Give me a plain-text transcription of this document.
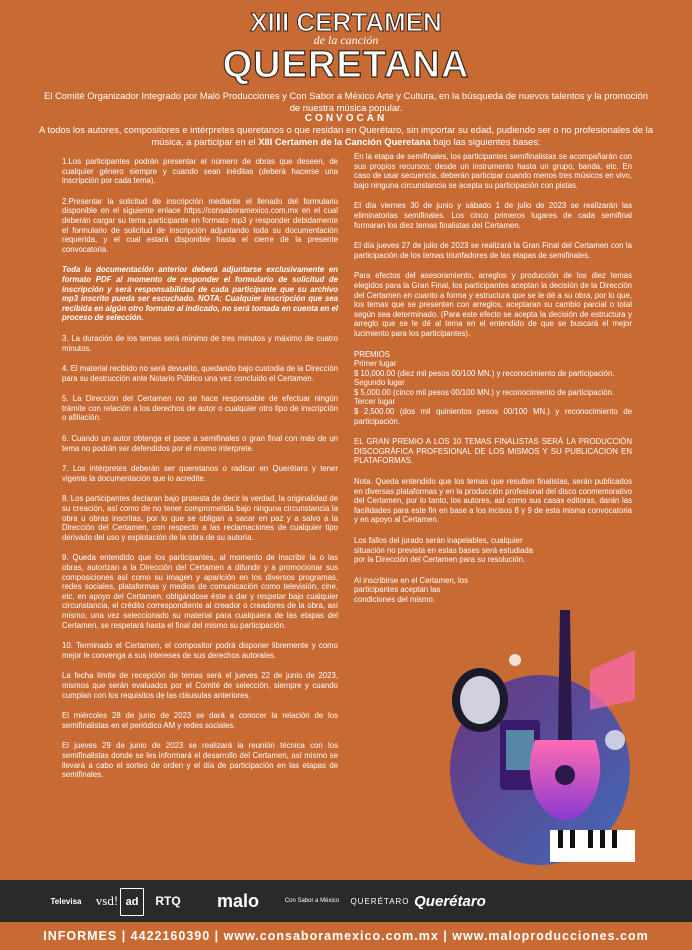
XIII CERTAMEN
de la canción
QUERETANA
El Comité Organizador Integrado por Maló Producciones y Con Sabor a México Arte y Cultura, en la búsqueda de nuevos talentos y la promoción de nuestra música popular.
CONVOCAN
A todos los autores, compositores e intérpretes queretanos o que residan en Querétaro, sin importar su edad, pudiendo ser o no profesionales de la música, a participar en el XIII Certamen de la Canción Queretana bajo las siguientes bases:

1.Los participantes podrán presentar el número de obras que deseen, de cualquier género siempre y cuando sean inéditas (deberá hacerse una inscripción por cada tema).

2.Presentar la solicitud de inscripción mediante el llenado del formulario disponible en el siguiente enlace https://consaboramexico.com.mx en el cual deberán cargar su tema participante en formato mp3 y responder debidamente el formulario de solicitud de inscripción adjuntando toda su documentación requerida, y el cual estará disponible hasta el cierre de la presente convocatoria.

Toda la documentación anterior deberá adjuntarse exclusivamente en formato PDF al momento de responder el formulario de solicitud de inscripción y será responsabilidad de cada participante que su archivo mp3 inscrito pueda ser escuchado. NOTA: Cualquier inscripción que sea recibida en algún otro formato al indicado, no será tomada en cuenta en el proceso de selección.

3. La duración de los temas será mínimo de tres minutos y máximo de cuatro minutos.

4. El material recibido no será devuelto, quedando bajo custodia de la Dirección para su destrucción ante Notario Público una vez concluido el Certamen.

5. La Dirección del Certamen no se hace responsable de efectuar ningún trámite con relación a los derechos de autor o cualquier otro tipo de inscripción o afiliación.

6. Cuando un autor obtenga el pase a semifinales o gran final con más de un tema no podrán ser defendidos por el mismo interprete.

7. Los intérpretes deberán ser queretanos o radicar en Querétaro y tener vigente la documentación que lo acredite.

8. Los participantes declaran bajo protesta de decir la verdad, la originalidad de su creación, así como de no tener comprometida bajo ninguna circunstancia la obra u obras inscritas, por lo que se obligan a sacar en paz y a salvo a la Dirección del Certamen, con respecto a las reclamaciones de cualquier tipo derivado del uso y explotación de la obra de su autoría.

9. Queda entendido que los participantes, al momento de inscribir la o las obras, autorizan a la Dirección del Certamen a difundir y a promocionar sus composiciones así como su imagen y aparición en los diversos programas, redes sociales, plataformas y medios de comunicación como televisión, cine, etc. en apoyo del Certamen, obligándose éste a dar y respetar bajo cualquier circunstancia, el crédito correspondiente al creador o creadores de la obra, así mismo, una vez seleccionado su material para cualquiera de las etapas del Certamen, se respetará hasta el final del mismo su participación.

10. Terminado el Certamen, el compositor podrá disponer libremente y como mejor le convenga a sus intereses de sus derechos autorales.

La fecha límite de recepción de temas será el jueves 22 de junio de 2023, mismos que serán evaluados por el Comité de selección, siempre y cuando cumplan con los requisitos de las cláusulas anteriores.

El miércoles 28 de junio de 2023 se dará a conocer la relación de los semifinalistas en el periódico AM y redes sociales.

El jueves 29 de junio de 2023 se realizará la reunión técnica con los semifinalistas donde se les informará el desarrollo del Certamen, así mismo se llevará a cabo el sorteo de orden y el día de participación en las etapas de semifinales.

En la etapa de semifinales, los participantes semifinalistas se acompañarán con sus propios recursos; desde un instrumento hasta un grupo, banda, etc. En caso de usar secuencia, deberán participar cuando menos tres músicos en vivo, bajo ninguna circunstancia se acepta su participación con pistas.

El día viernes 30 de junio y sábado 1 de julio de 2023 se realizarán las eliminatorias semifinales. Los cinco primeros lugares de cada semifinal formaran los diez temas finalistas del Certamen.

El día jueves 27 de julio de 2023 se realizará la Gran Final del Certamen con la participación de los temas triunfadores de las etapas de semifinales.

Para efectos del asesoramiento, arreglos y producción de los diez temas elegidos para la Gran Final, los participantes aceptan la decisión de la Dirección del Certamen en cuanto a forma y estructura que se le dé a su obra, por lo que, los temas que se presenten con arreglos, aceptaran su cambio parcial o total según sea determinado. (Para este efecto se acepta la decisión de estructura y arreglo que se le dé al tema en el entendido de que se buscará el mejor lucimiento para los participantes).

PREMIOS

Primer lugar

$ 10,000.00 (diez mil pesos 00/100 MN.) y reconocimiento de participación.

Segundo lugar

$ 5,000.00 (cinco mil pesos 00/100 MN.) y reconocimiento de participación.

Tercer lugar

$ 2,500.00 (dos mil quinientos pesos 00/100 MN.) y reconocimiento de participación.

EL GRAN PREMIO A LOS 10 TEMAS FINALISTAS SERÁ LA PRODUCCIÓN DISCOGRÁFICA PROFESIONAL DE LOS MISMOS Y SU PUBLICACION EN PLATAFORMAS.

Nota. Queda entendido que los temas que resulten finalistas, serán publicados en diversas plataformas y en la producción profesional del disco conmemorativo del Certamen, por lo tanto, los autores, así como sus casas editoras, darán las facilidades para este fin en base a los incisos 8 y 9 de esta misma convocatoria y en apoyo al Certamen.

Los fallos del jurado serán inapelables, cualquier situación no prevista en estas bases será estudiada por la Dirección del Certamen para su resolución.

Al inscribirse en el Certamen, los participantes aceptan las condiciones del mismo.

Televisa	vsd! ad	RTQ	malo	Con Sabor a México	QUERÉTARO Querétaro
INFORMES | 4422160390 | www.consaboramexico.com.mx | www.maloproducciones.com
